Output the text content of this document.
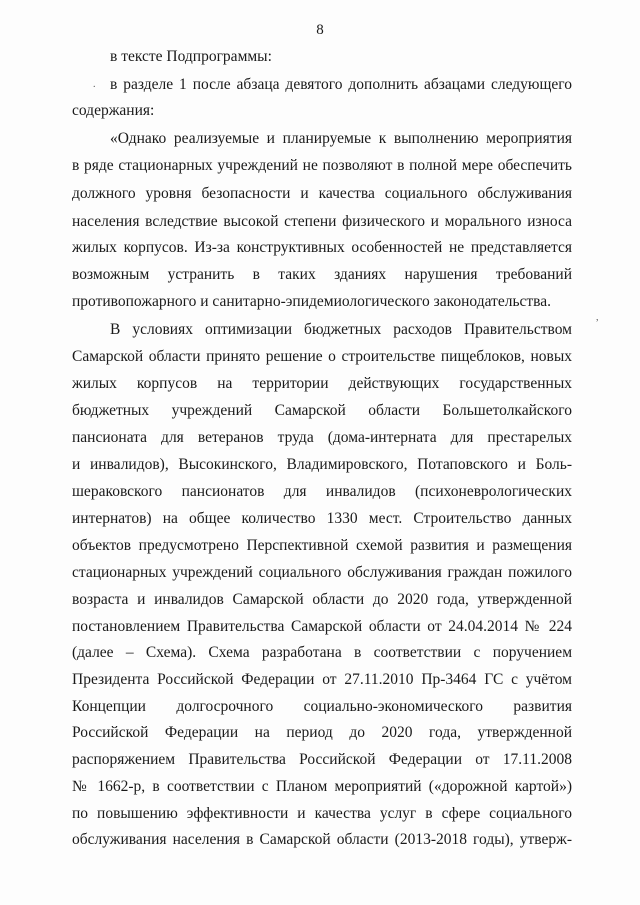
8
в тексте Подпрограммы:
в разделе 1 после абзаца девятого дополнить абзацами следующего
содержания:
«Однако реализуемые и планируемые к выполнению мероприятия
в ряде стационарных учреждений не позволяют в полной мере обеспечить
должного уровня безопасности и качества социального обслуживания
населения вследствие высокой степени физического и морального износа
жилых корпусов. Из-за конструктивных особенностей не представляется
возможным устранить в таких зданиях нарушения требований
противопожарного и санитарно-эпидемиологического законодательства.
В условиях оптимизации бюджетных расходов Правительством
Самарской области принято решение о строительстве пищеблоков, новых
жилых корпусов на территории действующих государственных
бюджетных учреждений Самарской области Большетолкайского
пансионата для ветеранов труда (дома-интерната для престарелых
и инвалидов), Высокинского, Владимировского, Потаповского и Боль-
шераковского пансионатов для инвалидов (психоневрологических
интернатов) на общее количество 1330 мест. Строительство данных
объектов предусмотрено Перспективной схемой развития и размещения
стационарных учреждений социального обслуживания граждан пожилого
возраста и инвалидов Самарской области до 2020 года, утвержденной
постановлением Правительства Самарской области от 24.04.2014 № 224
(далее – Схема). Схема разработана в соответствии с поручением
Президента Российской Федерации от 27.11.2010 Пр-3464 ГС с учётом
Концепции долгосрочного социально-экономического развития
Российской Федерации на период до 2020 года, утвержденной
распоряжением Правительства Российской Федерации от 17.11.2008
№ 1662-р, в соответствии с Планом мероприятий («дорожной картой»)
по повышению эффективности и качества услуг в сфере социального
обслуживания населения в Самарской области (2013-2018 годы), утверж-
.
,
